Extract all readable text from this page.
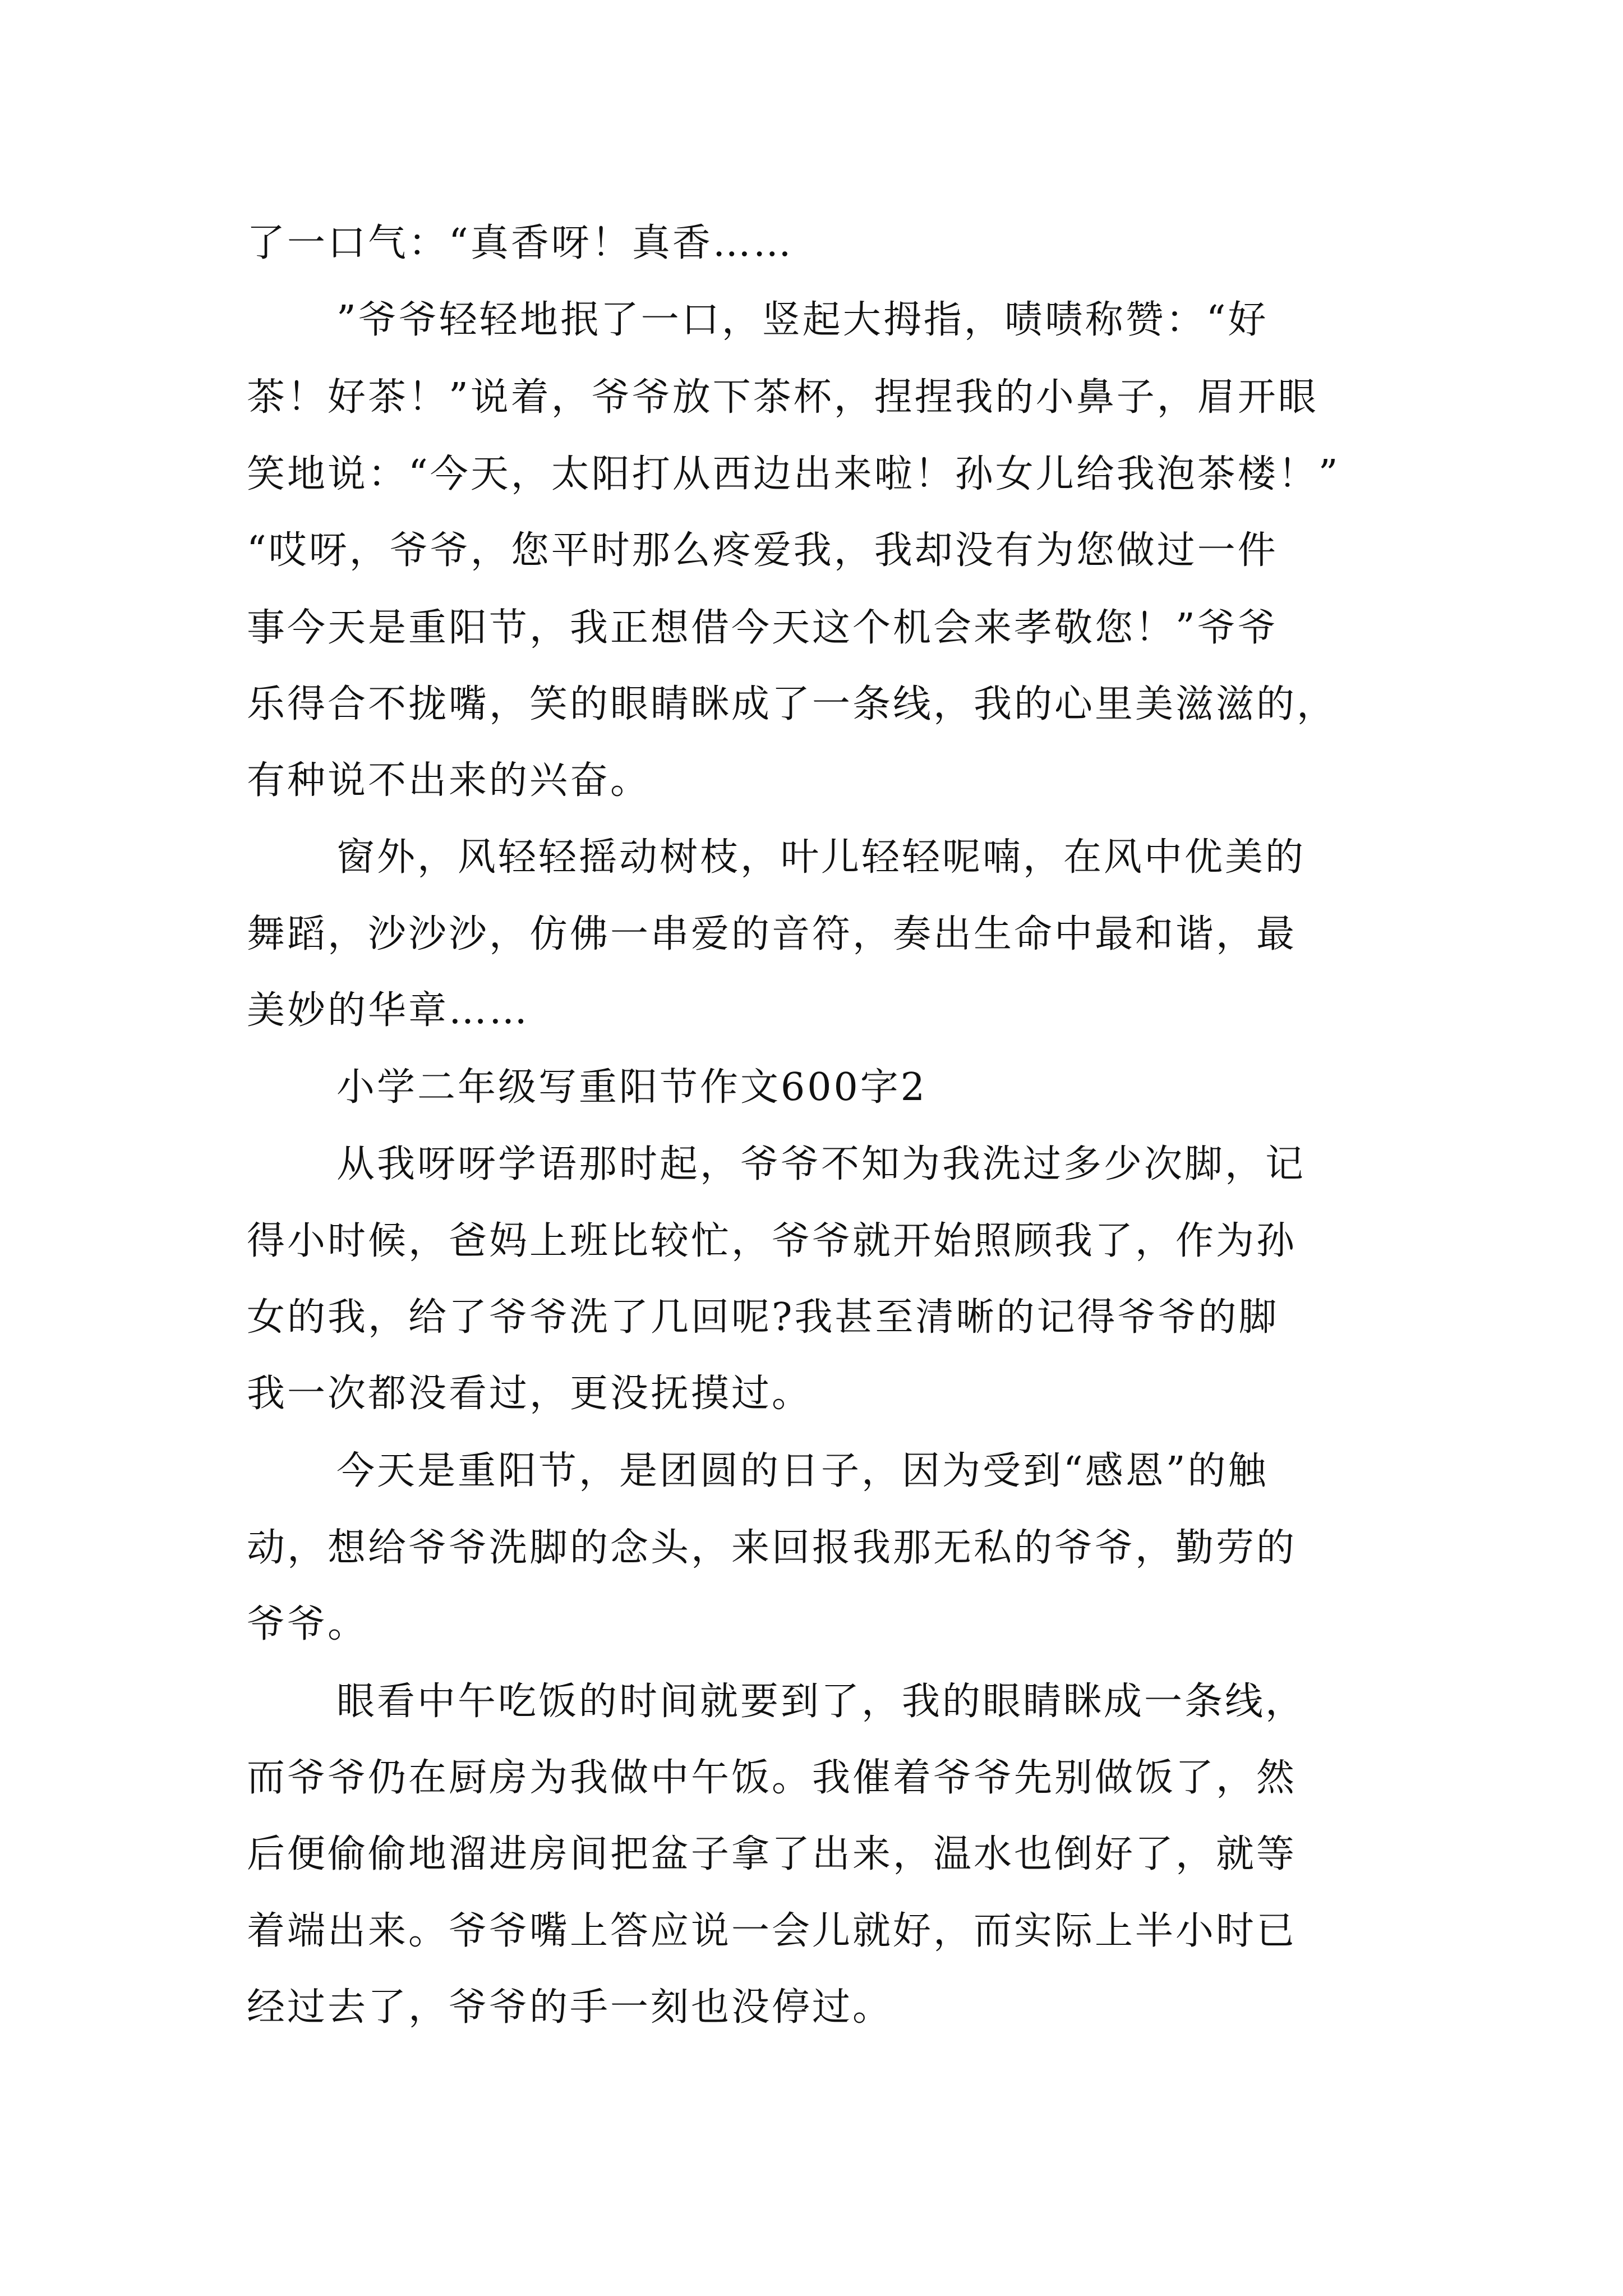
了一口气：“真香呀！真香……
”爷爷轻轻地抿了一口，竖起大拇指，啧啧称赞：“好
茶！好茶！”说着，爷爷放下茶杯，捏捏我的小鼻子，眉开眼
笑地说：“今天，太阳打从西边出来啦！孙女儿给我泡茶楼！”
“哎呀，爷爷，您平时那么疼爱我，我却没有为您做过一件
事今天是重阳节，我正想借今天这个机会来孝敬您！”爷爷
乐得合不拢嘴，笑的眼睛眯成了一条线，我的心里美滋滋的，
有种说不出来的兴奋。
窗外，风轻轻摇动树枝，叶儿轻轻呢喃，在风中优美的
舞蹈，沙沙沙，仿佛一串爱的音符，奏出生命中最和谐，最
美妙的华章……
小学二年级写重阳节作文600字2
从我呀呀学语那时起，爷爷不知为我洗过多少次脚，记
得小时候，爸妈上班比较忙，爷爷就开始照顾我了，作为孙
女的我，给了爷爷洗了几回呢?我甚至清晰的记得爷爷的脚
我一次都没看过，更没抚摸过。
今天是重阳节，是团圆的日子，因为受到“感恩”的触
动，想给爷爷洗脚的念头，来回报我那无私的爷爷，勤劳的
爷爷。
眼看中午吃饭的时间就要到了，我的眼睛眯成一条线，
而爷爷仍在厨房为我做中午饭。我催着爷爷先别做饭了，然
后便偷偷地溜进房间把盆子拿了出来，温水也倒好了，就等
着端出来。爷爷嘴上答应说一会儿就好，而实际上半小时已
经过去了，爷爷的手一刻也没停过。
